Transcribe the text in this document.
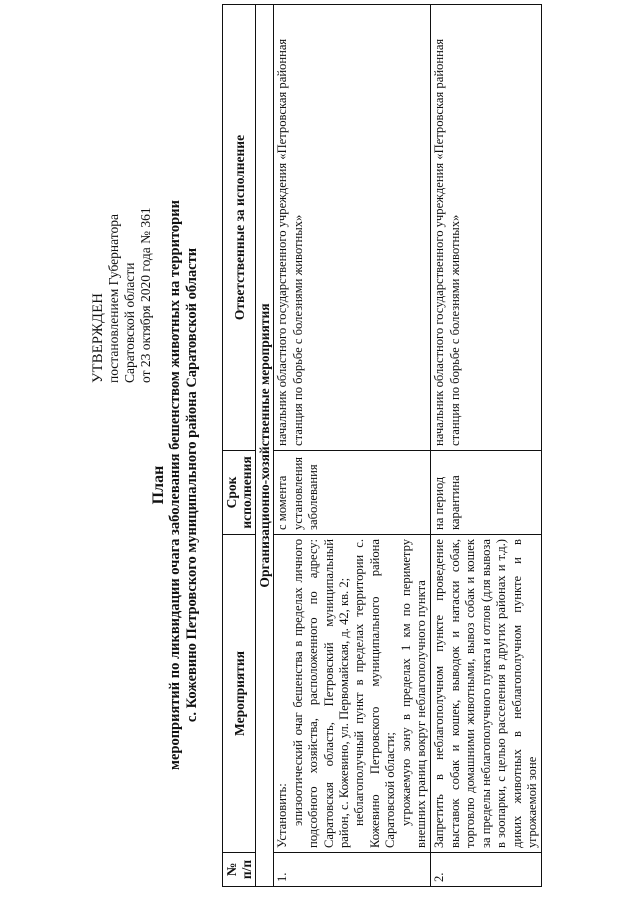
УТВЕРЖДЕН постановлением Губернатора Саратовской области от 23 октября 2020 года № 361
План мероприятий по ликвидации очага заболевания бешенством животных на территории с. Кожевино Петровского муниципального района Саратовской области
№ п/п	Мероприятия	Срок исполнения	Ответственные за исполнение
Организационно-хозяйственные мероприятия			
1.	Установить: эпизоотический очаг бешенства в пределах личного подсобного хозяйства, расположенного по адресу: Саратовская область, Петровский муниципальный район, с. Кожевино, ул. Первомайская, д. 42, кв. 2; неблагополучный пункт в пределах территории с. Кожевино Петровского муниципального района Саратовской области; угрожаемую зону в пределах 1 км по периметру внешних границ вокруг неблагополучного пункта	с момента установления заболевания	начальник областного государственного учреждения «Петровская районная станция по борьбе с болезнями животных»
2.	Запретить в неблагополучном пункте проведение выставок собак и кошек, выводок и натаски собак, торговлю домашними животными, вывоз собак и кошек за пределы неблагополучного пункта и отлов (для вывоза в зоопарки, с целью расселения в других районах и т.д.) диких животных в неблагополучном пункте и в угрожаемой зоне	на период карантина	начальник областного государственного учреждения «Петровская районная станция по борьбе с болезнями животных»
